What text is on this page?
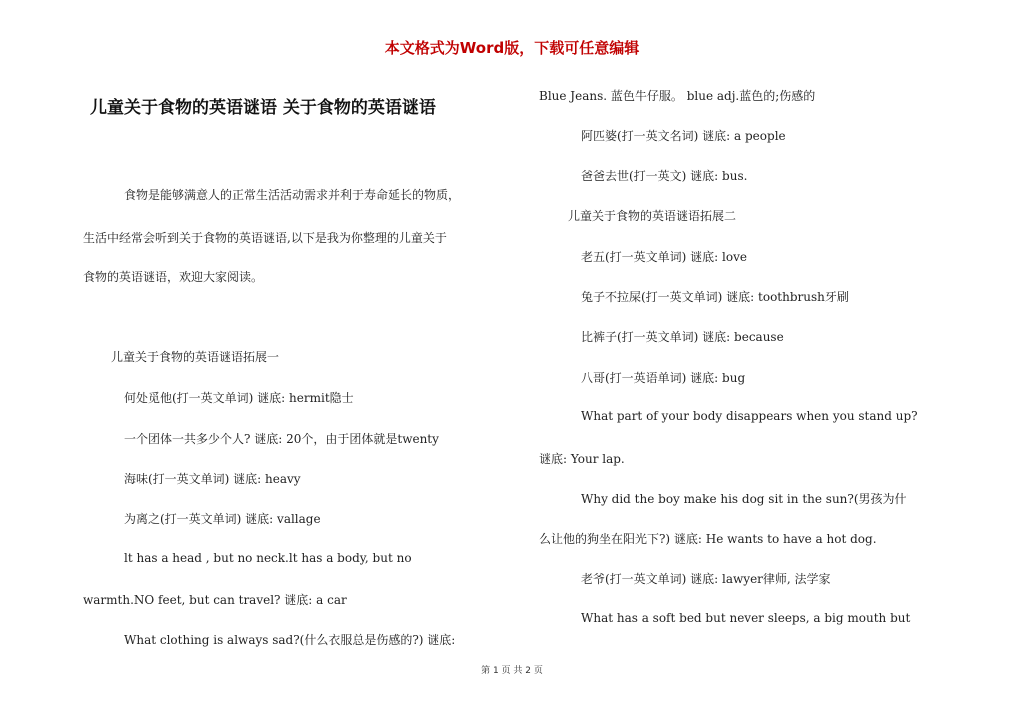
本文格式为Word版，下载可任意编辑
儿童关于食物的英语谜语 关于食物的英语谜语
食物是能够满意人的正常生活活动需求并利于寿命延长的物质，
生活中经常会听到关于食物的英语谜语,以下是我为你整理的儿童关于
食物的英语谜语，欢迎大家阅读。
儿童关于食物的英语谜语拓展一
何处觅他(打一英文单词) 谜底: hermit隐士
一个团体一共多少个人? 谜底: 20个，由于团体就是twenty
海味(打一英文单词) 谜底: heavy
为离之(打一英文单词) 谜底: vallage
lt has a head , but no neck.lt has a body, but no
warmth.NO feet, but can travel? 谜底: a car
What clothing is always sad?(什么衣服总是伤感的?) 谜底:
Blue Jeans. 蓝色牛仔服。 blue adj.蓝色的;伤感的
阿匹婆(打一英文名词) 谜底: a people
爸爸去世(打一英文) 谜底: bus.
儿童关于食物的英语谜语拓展二
老五(打一英文单词) 谜底: love
兔子不拉屎(打一英文单词) 谜底: toothbrush牙刷
比裤子(打一英文单词) 谜底: because
八哥(打一英语单词) 谜底: bug
What part of your body disappears when you stand up?
谜底: Your lap.
Why did the boy make his dog sit in the sun?(男孩为什
么让他的狗坐在阳光下?) 谜底: He wants to have a hot dog.
老爷(打一英文单词) 谜底: lawyer律师, 法学家
What has a soft bed but never sleeps, a big mouth but
第 1 页 共 2 页
